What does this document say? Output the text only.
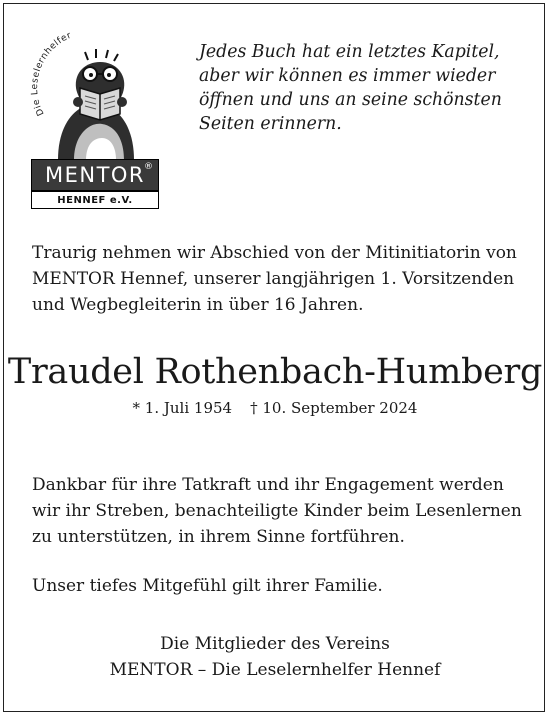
Die Leselernhelfer
MENTOR
®
HENNEF e.V.
Jedes Buch hat ein letztes Kapitel,
aber wir können es immer wieder
öffnen und uns an seine schönsten
Seiten erinnern.
Traurig nehmen wir Abschied von der Mitinitiatorin von
MENTOR Hennef, unserer langjährigen 1. Vorsitzenden
und Wegbegleiterin in über 16 Jahren.
Traudel Rothenbach-Humberg
* 1. Juli 1954 † 10. September 2024
Dankbar für ihre Tatkraft und ihr Engagement werden
wir ihr Streben, benachteiligte Kinder beim Lesenlernen
zu unterstützen, in ihrem Sinne fortführen.
Unser tiefes Mitgefühl gilt ihrer Familie.
Die Mitglieder des Vereins
MENTOR – Die Leselernhelfer Hennef
